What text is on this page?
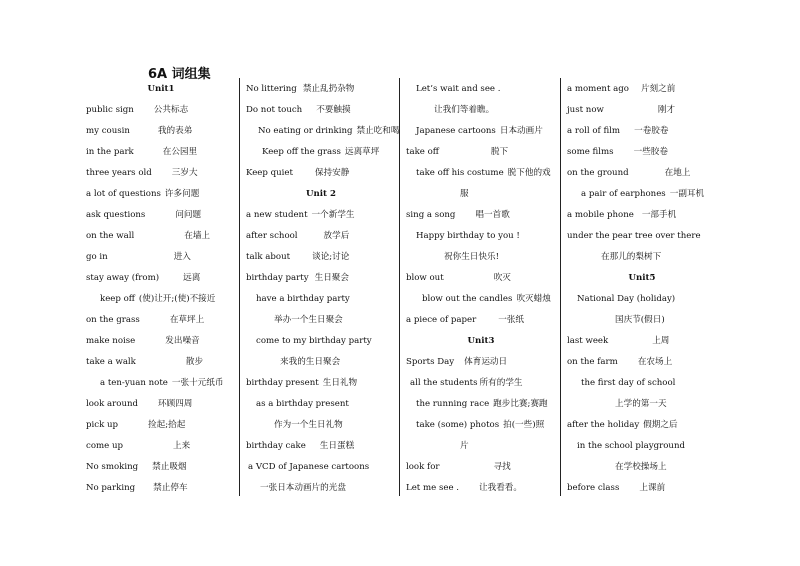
6A 词组集
Unit1
public sign 公共标志
my cousin	我的表弟
in the park	在公园里
three years old 三岁大
a lot of questions 许多问题
ask questions	问问题
on the wall	在墙上
go in	进入
stay away (from)	远离
keep off (使)让开;(使)不接近
on the grass	在草坪上
make noise	发出噪音
take a walk	散步
a ten-yuan note 一张十元纸币
look around 环顾四周
pick up	捡起;拾起
come up	上来
No smoking 禁止吸烟
No parking 禁止停车
No littering 禁止乱扔杂物
Do not touch 不要触摸
No eating or drinking 禁止吃和喝
Keep off the grass 远离草坪
Keep quiet	保持安静
Unit 2
a new student 一个新学生
after school	放学后
talk about	谈论;讨论
birthday party 生日聚会
have a birthday party
举办一个生日聚会
come to my birthday party
来我的生日聚会
birthday present 生日礼物
as a birthday present
作为一个生日礼物
birthday cake 生日蛋糕
a VCD of Japanese cartoons
一张日本动画片的光盘
Let’s wait and see .
让我们等着瞧。
Japanese cartoons 日本动画片
take off	脱下
take off his costume 脱下他的戏
服
sing a song 唱一首歌
Happy birthday to you !
祝你生日快乐!
blow out	吹灭
blow out the candles 吹灭蜡烛
a piece of paper	一张纸
Unit3
Sports Day 体育运动日
all the students 所有的学生
the running race 跑步比赛;赛跑
take (some) photos 拍(一些)照
片
look for	寻找
Let me see . 让我看看。
a moment ago 片刻之前
just now	刚才
a roll of film 一卷胶卷
some films 一些胶卷
on the ground	在地上
a pair of earphones 一副耳机
a mobile phone 一部手机
under the pear tree over there
在那儿的梨树下
Unit5
National Day (holiday)
国庆节(假日)
last week	上周
on the farm 在农场上
the first day of school
上学的第一天
after the holiday 假期之后
in the school playground
在学校操场上
before class 上课前
